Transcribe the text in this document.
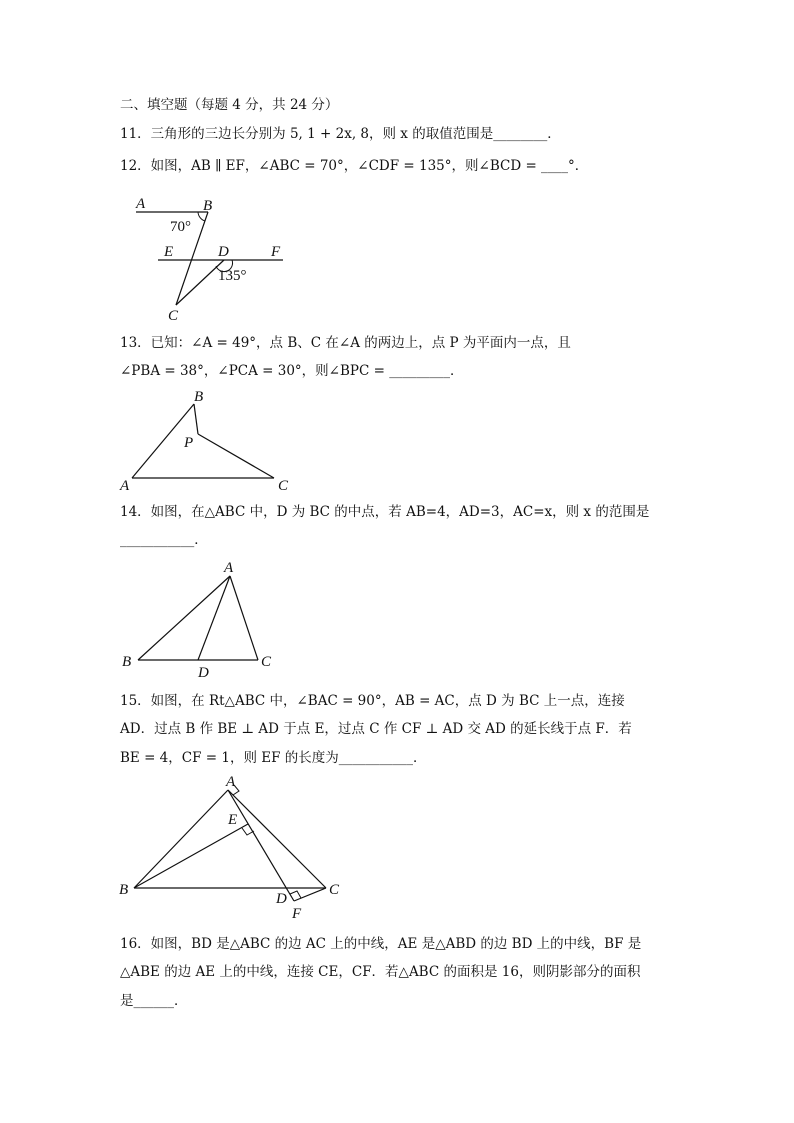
二、填空题（每题 4 分，共 24 分）
11．三角形的三边长分别为 5, 1 + 2x, 8，则 x 的取值范围是________．
12．如图，AB ∥ EF，∠ABC = 70°，∠CDF = 135°，则∠BCD = ____°．
A	B
70°
E	D	F
135°
C
13．已知：∠A = 49°，点 B、C 在∠A 的两边上，点 P 为平面内一点，且
∠PBA = 38°，∠PCA = 30°，则∠BPC = _________．
B
P
A	C
14．如图，在△ABC 中，D 为 BC 的中点，若 AB=4，AD=3，AC=x，则 x 的范围是
___________．
A
B
D
C
15．如图，在 Rt△ABC 中，∠BAC = 90°，AB = AC，点 D 为 BC 上一点，连接
AD．过点 B 作 BE ⊥ AD 于点 E，过点 C 作 CF ⊥ AD 交 AD 的延长线于点 F．若
BE = 4，CF = 1，则 EF 的长度为___________．
A
E
B
D
C
F
16．如图，BD 是△ABC 的边 AC 上的中线，AE 是△ABD 的边 BD 上的中线，BF 是
△ABE 的边 AE 上的中线，连接 CE，CF．若△ABC 的面积是 16，则阴影部分的面积
是______．
